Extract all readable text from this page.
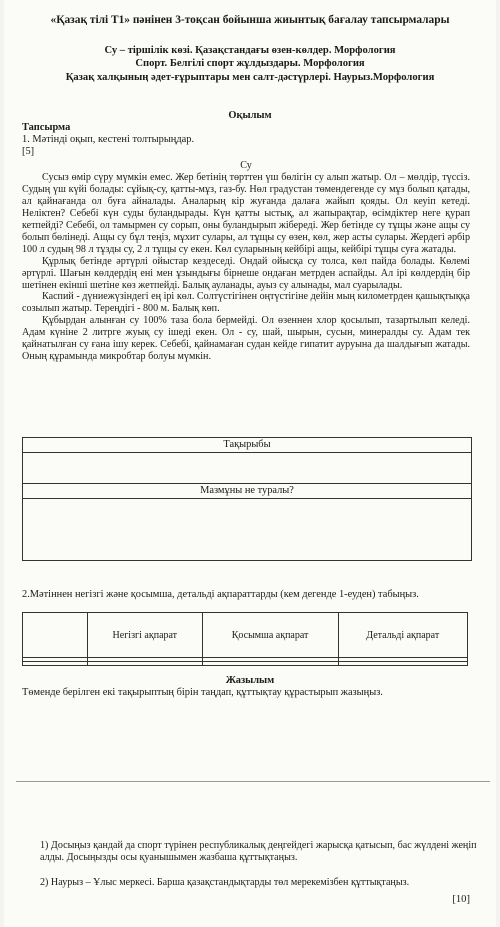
«Қазақ тілі Т1» пәнінен 3-тоқсан бойынша жиынтық бағалау тапсырмалары
Су – тіршілік көзі. Қазақстандағы өзен-көлдер. Морфология
Спорт. Белгілі спорт жұлдыздары. Морфология
Қазақ халқының әдет-ғұрыптары мен салт-дәстүрлері. Наурыз.Морфология
Оқылым
Тапсырма
1. Мәтінді оқып, кестені толтырыңдар.
[5]
Су
Сусыз өмір сүру мүмкін емес. Жер бетінің төрттен үш бөлігін су алып жатыр. Ол – мөлдір, түссіз. Судың үш күйі болады: сұйық-су, қатты-мұз, газ-бу. Нөл градустан төмендегенде су мұз болып қатады, ал қайнағанда ол буға айналады. Аналарың кір жуғанда далаға жайып қояды. Ол кеуіп кетеді. Неліктен? Себебі күн суды буландырады. Күн қатты ыстық, ал жапырақтар, өсімдіктер неге қурап кетпейді? Себебі, ол тамырмен су сорып, оны буландырып жібереді. Жер бетінде су тұщы және ащы су болып бөлінеді. Ащы су бұл теңіз, мұхит сулары, ал тұщы су өзен, көл, жер асты сулары. Жердегі әрбір 100 л судың 98 л тұзды су, 2 л тұщы су екен. Көл суларының кейбірі ащы, кейбірі тұщы суға жатады.
Құрлық бетінде әртүрлі ойыстар кездеседі. Ондай ойысқа су толса, көл пайда болады. Көлемі әртүрлі. Шағын көлдердің ені мен ұзындығы бірнеше ондаған метрден аспайды. Ал ірі көлдердің бір шетінен екінші шетіне көз жетпейді. Балық ауланады, ауыз су алынады, мал суарылады.
Каспий - дүниежүзіндегі ең ірі көл. Солтүстігінен оңтүстігіне дейін мың километрден қашықтыққа созылып жатыр. Тереңдігі - 800 м. Балық көп.
Құбырдан алынған су 100% таза бола бермейді. Ол өзеннен хлор қосылып, тазартылып келеді. Адам күніне 2 литрге жуық су ішеді екен. Ол - су, шай, шырын, сусын, минералды су. Адам тек қайнатылған су ғана ішу керек. Себебі, қайнамаған судан кейде гипатит ауруына да шалдығып жатады. Оның құрамында микробтар болуы мүмкін.
Тақырыбы
Мазмұны не туралы?
2.Мәтіннен негізгі және қосымша, детальді ақпараттарды (кем дегенде 1-еуден) табыңыз.
	Негізгі ақпарат	Қосымша ақпарат	Детальді ақпарат

Жазылым
Төменде берілген екі тақырыптың бірін таңдап, құттықтау құрастырып жазыңыз.
1) Досыңыз қандай да спорт түрінен республикалық деңгейдегі жарысқа қатысып, бас жүлдені жеңіп алды. Досыңызды осы қуанышымен жазбаша құттықтаңыз.
2) Наурыз – Ұлыс меркесі. Барша қазақстандықтарды төл мерекемізбен құттықтаңыз.
[10]
